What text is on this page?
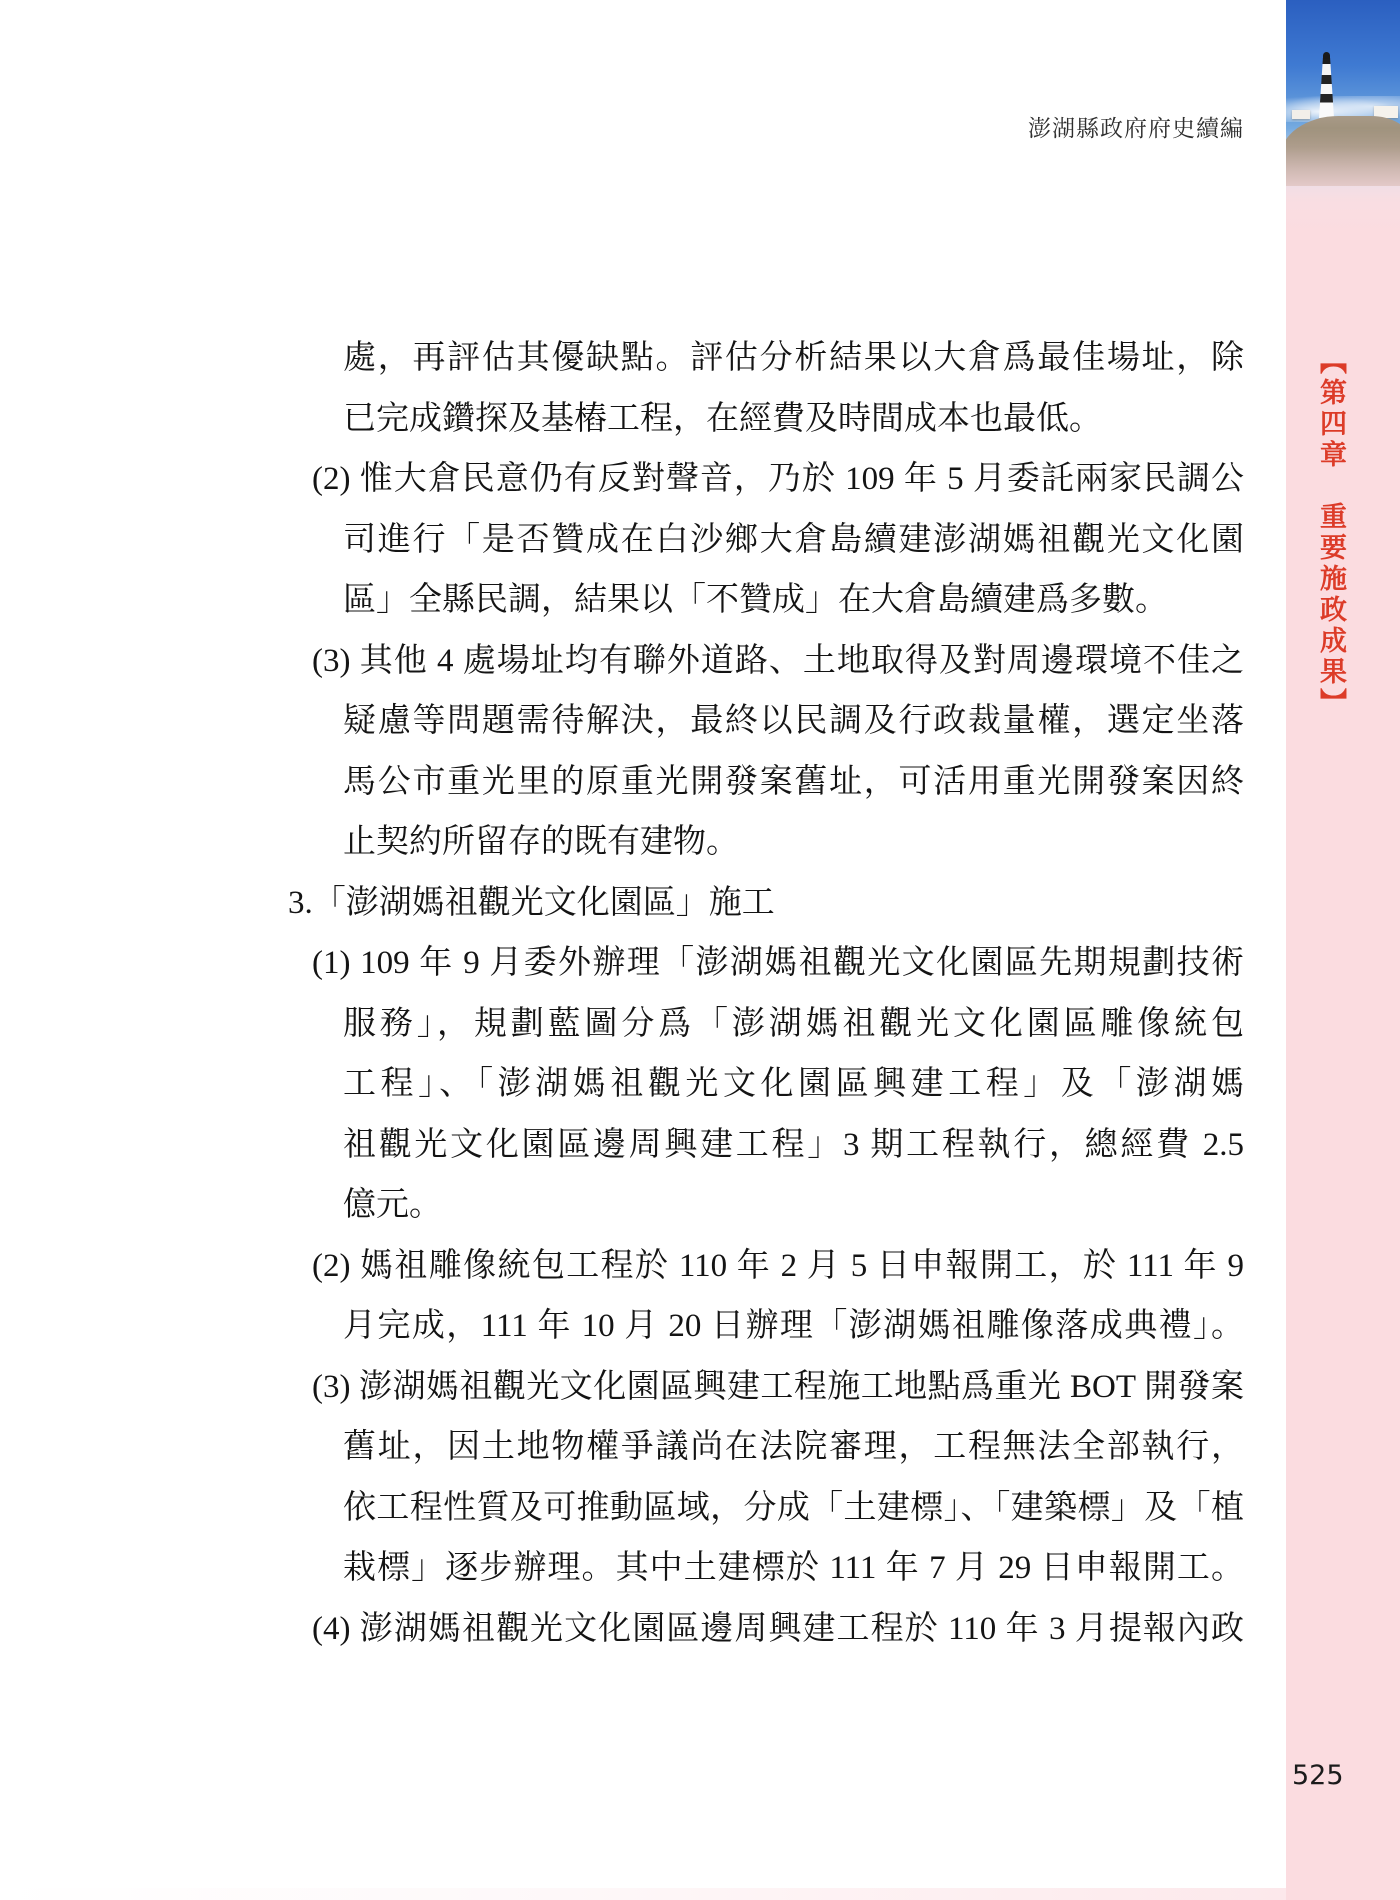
澎湖縣政府府史續編
【第四章　重要施政成果】
525
處，再評估其優缺點。評估分析結果以大倉爲最佳場址，除
已完成鑽探及基樁工程，在經費及時間成本也最低。
(2) 惟大倉民意仍有反對聲音，乃於 109 年 5 月委託兩家民調公
司進行「是否贊成在白沙鄉大倉島續建澎湖媽祖觀光文化園
區」全縣民調，結果以「不贊成」在大倉島續建爲多數。
(3) 其他 4 處場址均有聯外道路、土地取得及對周邊環境不佳之
疑慮等問題需待解決，最終以民調及行政裁量權，選定坐落
馬公市重光里的原重光開發案舊址，可活用重光開發案因終
止契約所留存的既有建物。
3.「澎湖媽祖觀光文化園區」施工
(1) 109 年 9 月委外辦理「澎湖媽祖觀光文化園區先期規劃技術
服務」，規劃藍圖分爲「澎湖媽祖觀光文化園區雕像統包
工程」、「澎湖媽祖觀光文化園區興建工程」及「澎湖媽
祖觀光文化園區邊周興建工程」3 期工程執行，總經費 2.5
億元。
(2) 媽祖雕像統包工程於 110 年 2 月 5 日申報開工，於 111 年 9
月完成，111 年 10 月 20 日辦理「澎湖媽祖雕像落成典禮」。
(3) 澎湖媽祖觀光文化園區興建工程施工地點爲重光 BOT 開發案
舊址，因土地物權爭議尚在法院審理，工程無法全部執行，
依工程性質及可推動區域，分成「土建標」、「建築標」及「植
栽標」逐步辦理。其中土建標於 111 年 7 月 29 日申報開工。
(4) 澎湖媽祖觀光文化園區邊周興建工程於 110 年 3 月提報內政
